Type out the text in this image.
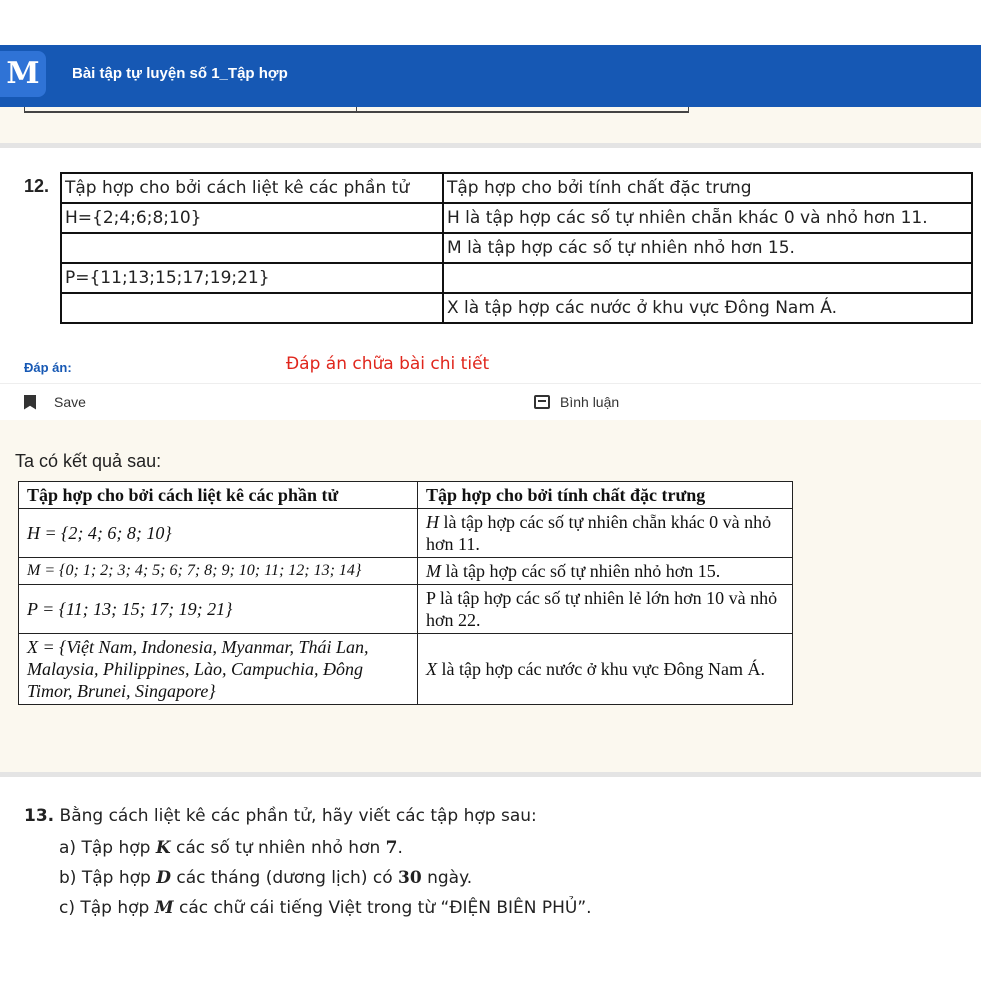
M	Bài tập tự luyện số 1_Tập hợp
12. Tập hợp cho bởi cách liệt kê các phần tử	Tập hợp cho bởi tính chất đặc trưng
H={2;4;6;8;10}	H là tập hợp các số tự nhiên chẵn khác 0 và nhỏ hơn 11.
	M là tập hợp các số tự nhiên nhỏ hơn 15.
P={11;13;15;17;19;21}	
	X là tập hợp các nước ở khu vực Đông Nam Á.
Đáp án:	Đáp án chữa bài chi tiết
Save	Bình luận
Ta có kết quả sau:
Tập hợp cho bởi cách liệt kê các phần tử	Tập hợp cho bởi tính chất đặc trưng
H = {2; 4; 6; 8; 10}	H là tập hợp các số tự nhiên chẵn khác 0 và nhỏ hơn 11.
M = {0; 1; 2; 3; 4; 5; 6; 7; 8; 9; 10; 11; 12; 13; 14}	M là tập hợp các số tự nhiên nhỏ hơn 15.
P = {11; 13; 15; 17; 19; 21}	P là tập hợp các số tự nhiên lẻ lớn hơn 10 và nhỏ hơn 22.
X = {Việt Nam, Indonesia, Myanmar, Thái Lan, Malaysia, Philippines, Lào, Campuchia, Đông Timor, Brunei, Singapore}	X là tập hợp các nước ở khu vực Đông Nam Á.
13. Bằng cách liệt kê các phần tử, hãy viết các tập hợp sau:
a) Tập hợp K các số tự nhiên nhỏ hơn 7.
b) Tập hợp D các tháng (dương lịch) có 30 ngày.
c) Tập hợp M các chữ cái tiếng Việt trong từ “ĐIỆN BIÊN PHỦ”.
